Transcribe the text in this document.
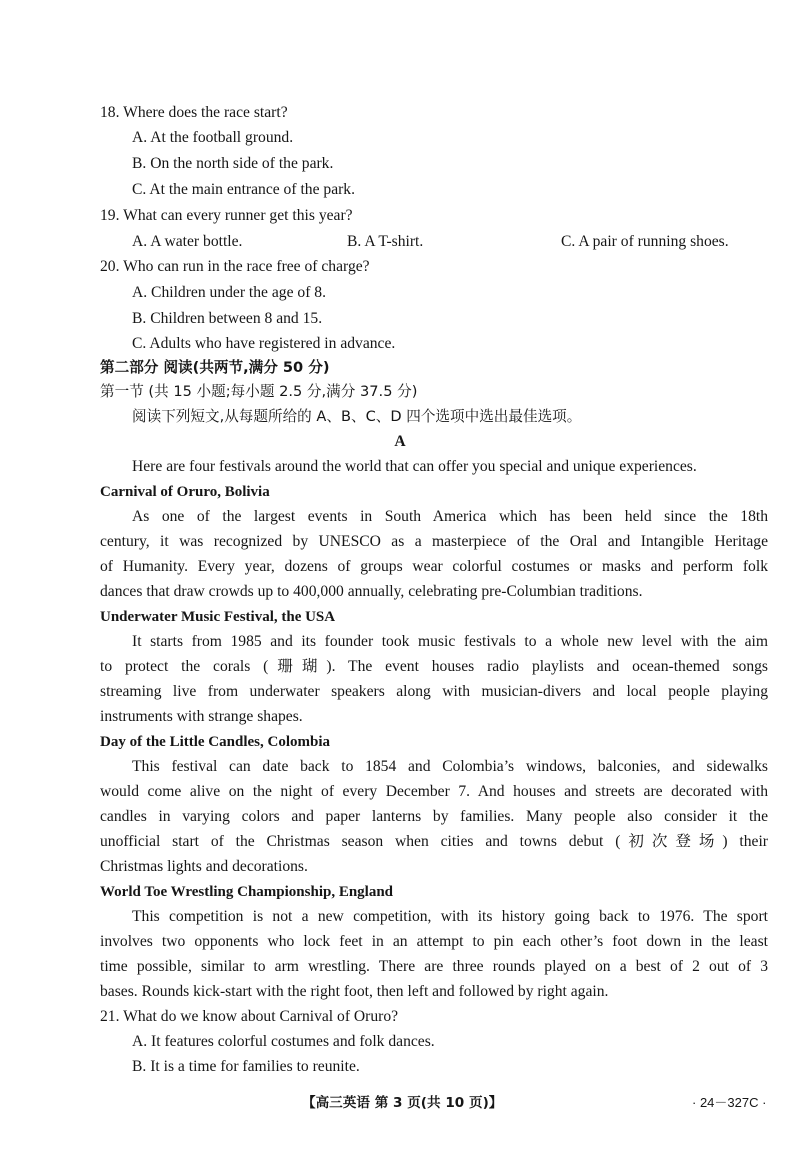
18. Where does the race start?
A. At the football ground.
B. On the north side of the park.
C. At the main entrance of the park.
19. What can every runner get this year?
A. A water bottle.	B. A T-shirt.	C. A pair of running shoes.
20. Who can run in the race free of charge?
A. Children under the age of 8.
B. Children between 8 and 15.
C. Adults who have registered in advance.
第二部分 阅读(共两节,满分 50 分)
第一节 (共 15 小题;每小题 2.5 分,满分 37.5 分)
阅读下列短文,从每题所给的 A、B、C、D 四个选项中选出最佳选项。
A
Here are four festivals around the world that can offer you special and unique experiences.
Carnival of Oruro, Bolivia
As one of the largest events in South America which has been held since the 18th
century, it was recognized by UNESCO as a masterpiece of the Oral and Intangible Heritage
of Humanity. Every year, dozens of groups wear colorful costumes or masks and perform folk
dances that draw crowds up to 400,000 annually, celebrating pre-Columbian traditions.
Underwater Music Festival, the USA
It starts from 1985 and its founder took music festivals to a whole new level with the aim
to protect the corals (珊瑚). The event houses radio playlists and ocean-themed songs
streaming live from underwater speakers along with musician-divers and local people playing
instruments with strange shapes.
Day of the Little Candles, Colombia
This festival can date back to 1854 and Colombia’s windows, balconies, and sidewalks
would come alive on the night of every December 7. And houses and streets are decorated with
candles in varying colors and paper lanterns by families. Many people also consider it the
unofficial start of the Christmas season when cities and towns debut (初次登场) their
Christmas lights and decorations.
World Toe Wrestling Championship, England
This competition is not a new competition, with its history going back to 1976. The sport
involves two opponents who lock feet in an attempt to pin each other’s foot down in the least
time possible, similar to arm wrestling. There are three rounds played on a best of 2 out of 3
bases. Rounds kick-start with the right foot, then left and followed by right again.
21. What do we know about Carnival of Oruro?
A. It features colorful costumes and folk dances.
B. It is a time for families to reunite.
【高三英语 第 3 页(共 10 页)】	· 24－327C ·
